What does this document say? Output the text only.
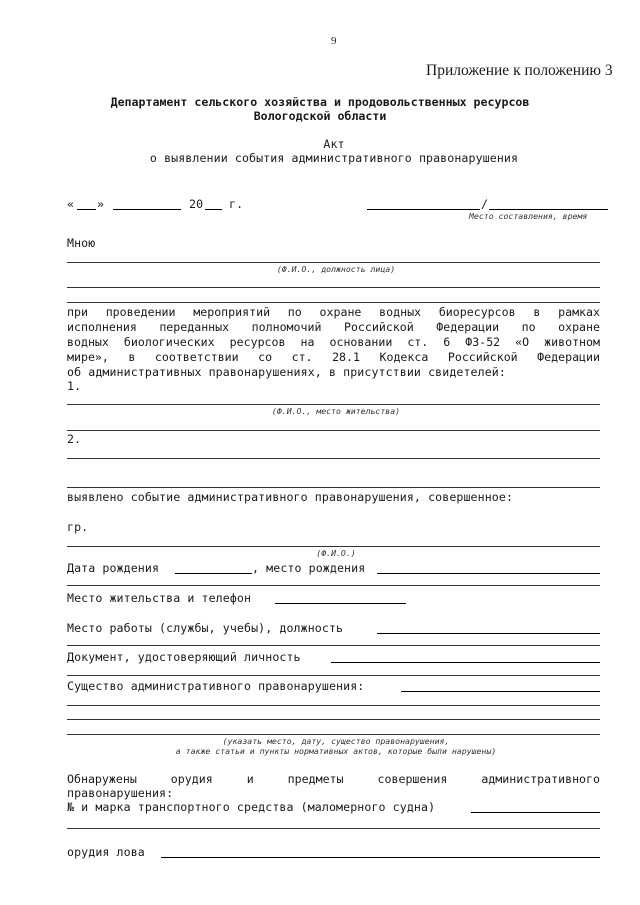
9
Приложение к положению 3
Департамент сельского хозяйства и продовольственных ресурсов
Вологодской области
Акт
о выявлении события административного правонарушения
« »	20 г.	/
Место составления, время
Мною
(Ф.И.О., должность лица)
при проведении мероприятий по охране водных биоресурсов в рамках
исполнения переданных полномочий Российской Федерации по охране
водных биологических ресурсов на основании ст. 6 ФЗ-52 «О животном
мире», в соответствии со ст. 28.1 Кодекса Российской Федерации
об административных правонарушениях, в присутствии свидетелей:
1.
(Ф.И.О., место жительства)
2.
выявлено событие административного правонарушения, совершенное:
гр.
(Ф.И.О.)
Дата рождения	, место рождения
Место жительства и телефон
Место работы (службы, учебы), должность
Документ, удостоверяющий личность
Существо административного правонарушения:
(указать место, дату, существо правонарушения,
а также статьи и пункты нормативных актов, которые были нарушены)
Обнаружены орудия и предметы совершения административного
правонарушения:
№ и марка транспортного средства (маломерного судна)
орудия лова
